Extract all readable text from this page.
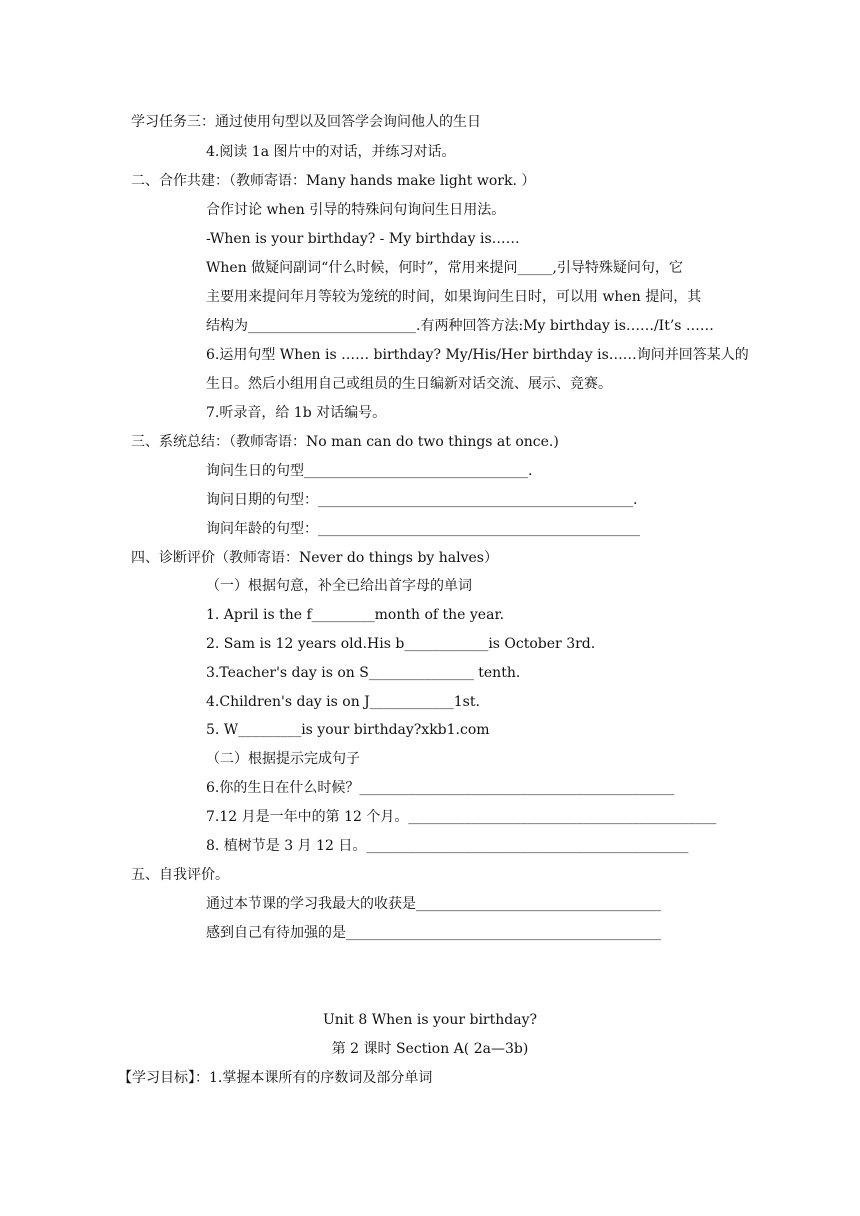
学习任务三：通过使用句型以及回答学会询问他人的生日
4.阅读 1a 图片中的对话，并练习对话。
二、合作共建：（教师寄语：Many hands make light work. ）
合作讨论 when 引导的特殊问句询问生日用法。
-When is your birthday? - My birthday is……
When 做疑问副词“什么时候，何时”，常用来提问_____,引导特殊疑问句，它
主要用来提问年月等较为笼统的时间，如果询问生日时，可以用 when 提问，其
结构为________________________.有两种回答方法:My birthday is……/It’s ……
6.运用句型 When is …… birthday? My/His/Her birthday is……询问并回答某人的
生日。然后小组用自己或组员的生日编新对话交流、展示、竞赛。
7.听录音，给 1b 对话编号。
三、系统总结：（教师寄语：No man can do two things at once.)
询问生日的句型________________________________.
询问日期的句型：_____________________________________________.
询问年龄的句型：______________________________________________
四、诊断评价（教师寄语：Never do things by halves）
（一）根据句意，补全已给出首字母的单词
1. April is the f_________month of the year.
2. Sam is 12 years old.His b____________is October 3rd.
3.Teacher's day is on S_______________ tenth.
4.Children's day is on J____________1st.
5. W_________is your birthday?xkb1.com
（二）根据提示完成句子
6.你的生日在什么时候？_____________________________________________
7.12 月是一年中的第 12 个月。____________________________________________
8. 植树节是 3 月 12 日。______________________________________________
五、自我评价。
通过本节课的学习我最大的收获是___________________________________
感到自己有待加强的是_____________________________________________
Unit 8 When is your birthday?
第 2 课时 Section A( 2a—3b)
【学习目标】：1.掌握本课所有的序数词及部分单词
